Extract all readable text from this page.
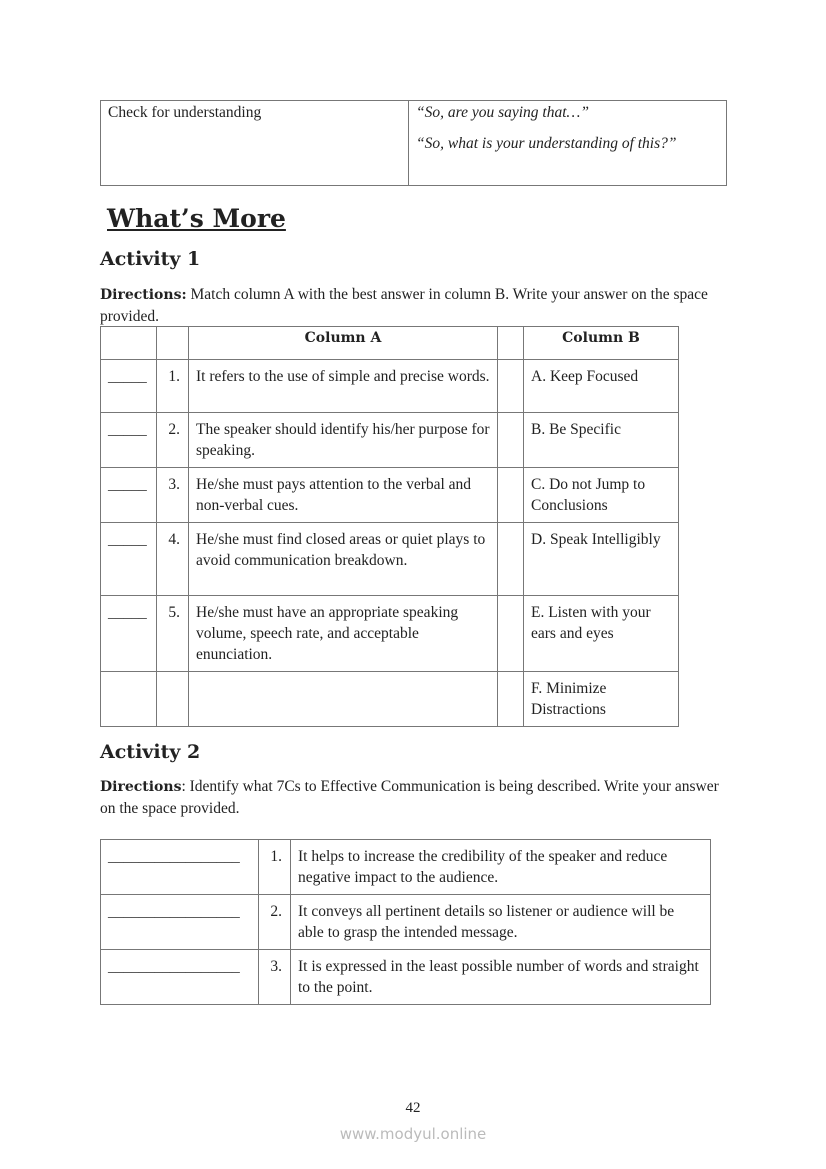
Check for understanding	“So, are you saying that…”
“So, what is your understanding of this?”
What’s More
Activity 1
Directions: Match column A with the best answer in column B. Write your answer on the space provided.
		Column A		Column B
_____	1.	It refers to the use of simple and precise words.		A. Keep Focused
_____	2.	The speaker should identify his/her purpose for speaking.		B. Be Specific
_____	3.	He/she must pays attention to the verbal and non-verbal cues.		C. Do not Jump to Conclusions
_____	4.	He/she must find closed areas or quiet plays to avoid communication breakdown.		D. Speak Intelligibly
_____	5.	He/she must have an appropriate speaking volume, speech rate, and acceptable enunciation.		E. Listen with your ears and eyes
				F. Minimize Distractions
Activity 2
Directions: Identify what 7Cs to Effective Communication is being described. Write your answer on the space provided.
_________________	1.	It helps to increase the credibility of the speaker and reduce negative impact to the audience.
_________________	2.	It conveys all pertinent details so listener or audience will be able to grasp the intended message.
_________________	3.	It is expressed in the least possible number of words and straight to the point.
42
www.modyul.online
